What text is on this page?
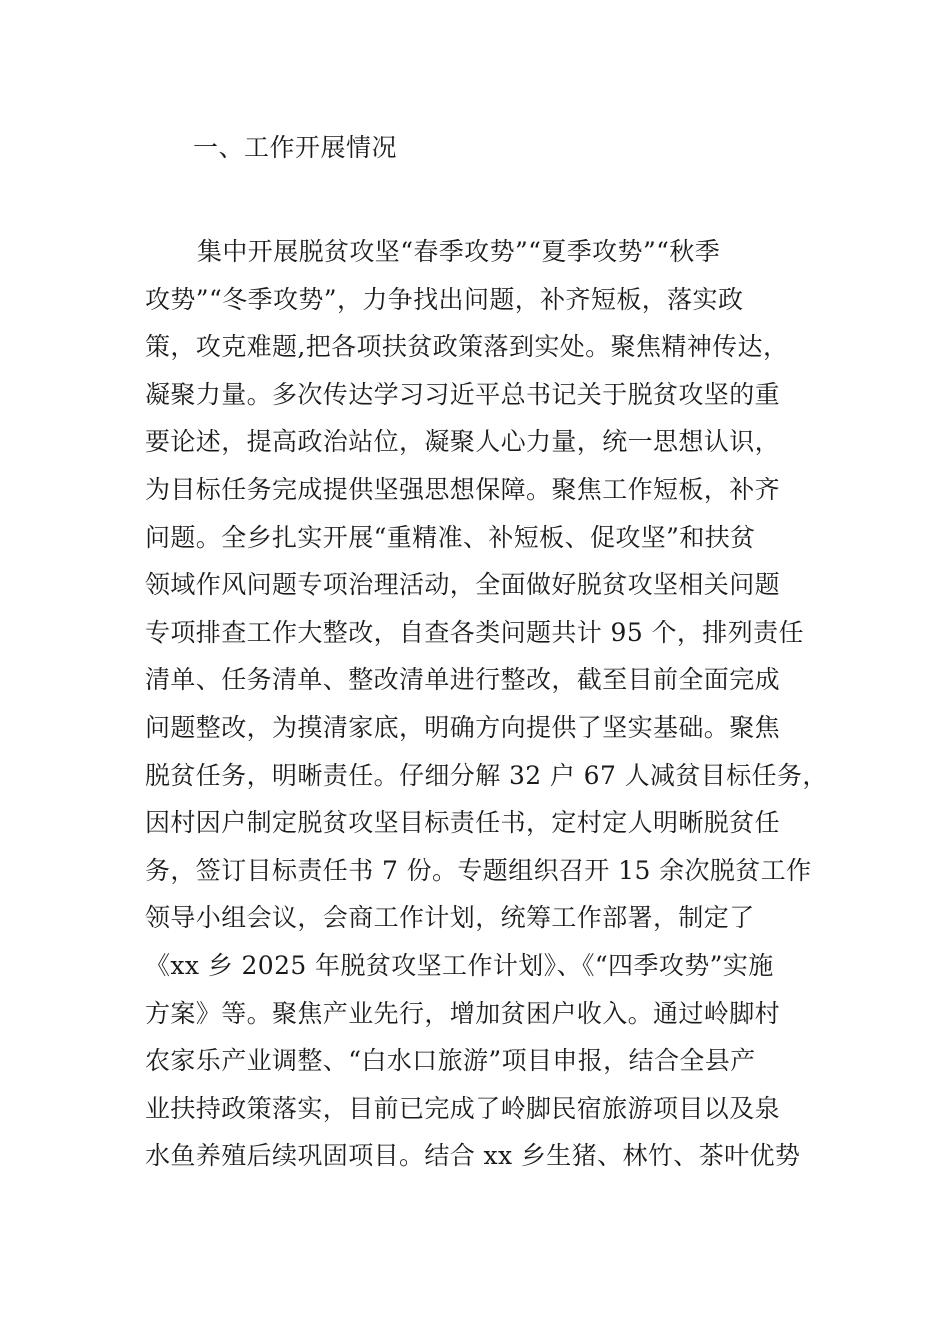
一、工作开展情况
集中开展脱贫攻坚“春季攻势”“夏季攻势”“秋季
攻势”“冬季攻势”，力争找出问题，补齐短板，落实政
策，攻克难题,把各项扶贫政策落到实处。聚焦精神传达，
凝聚力量。多次传达学习习近平总书记关于脱贫攻坚的重
要论述，提高政治站位，凝聚人心力量，统一思想认识，
为目标任务完成提供坚强思想保障。聚焦工作短板，补齐
问题。全乡扎实开展“重精准、补短板、促攻坚”和扶贫
领域作风问题专项治理活动，全面做好脱贫攻坚相关问题
专项排查工作大整改，自查各类问题共计 95 个，排列责任
清单、任务清单、整改清单进行整改，截至目前全面完成
问题整改，为摸清家底，明确方向提供了坚实基础。聚焦
脱贫任务，明晰责任。仔细分解 32 户 67 人减贫目标任务，
因村因户制定脱贫攻坚目标责任书，定村定人明晰脱贫任
务，签订目标责任书 7 份。专题组织召开 15 余次脱贫工作
领导小组会议，会商工作计划，统筹工作部署，制定了
《xx 乡 2025 年脱贫攻坚工作计划》、《“四季攻势”实施
方案》等。聚焦产业先行，增加贫困户收入。通过岭脚村
农家乐产业调整、“白水口旅游”项目申报，结合全县产
业扶持政策落实，目前已完成了岭脚民宿旅游项目以及泉
水鱼养殖后续巩固项目。结合 xx 乡生猪、林竹、茶叶优势
